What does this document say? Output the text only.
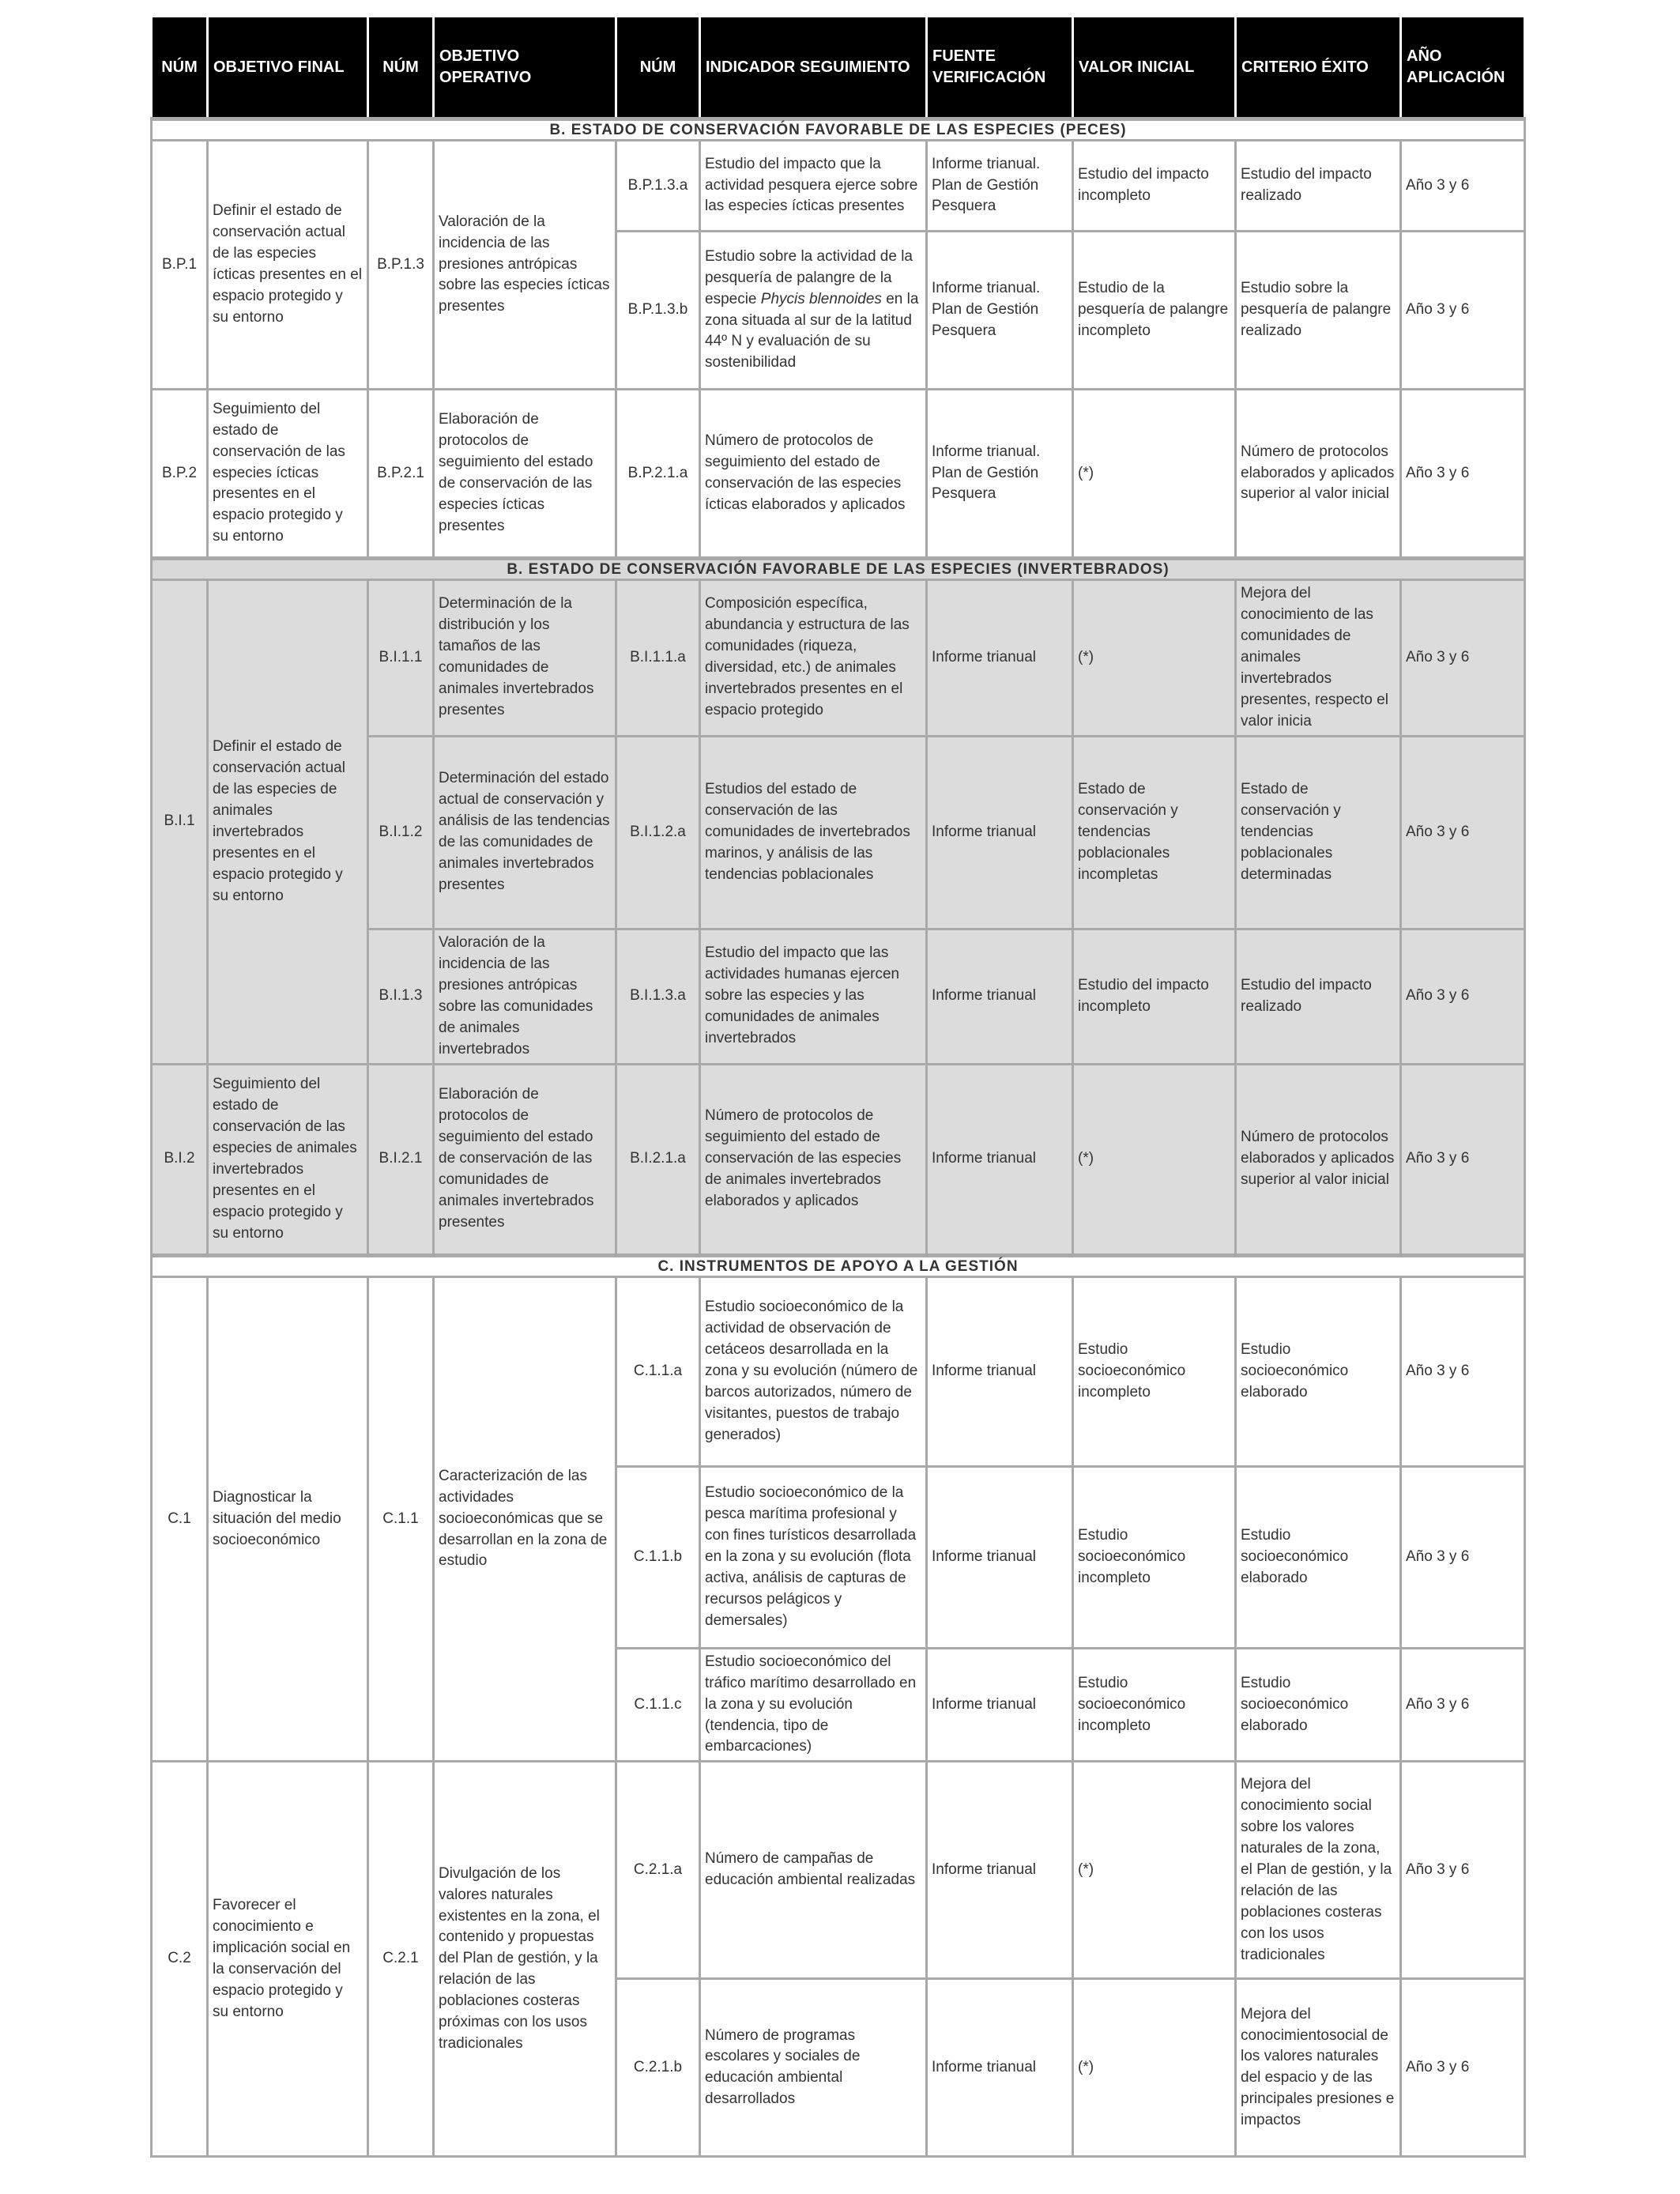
NÚM	OBJETIVO FINAL	NÚM	OBJETIVO OPERATIVO	NÚM	INDICADOR SEGUIMIENTO	FUENTE VERIFICACIÓN	VALOR INICIAL	CRITERIO ÉXITO	AÑO APLICACIÓN
B. ESTADO DE CONSERVACIÓN FAVORABLE DE LAS ESPECIES (PECES)									
B.P.1	Definir el estado de conservación actual de las especies ícticas presentes en el espacio protegido y su entorno	B.P.1.3	Valoración de la incidencia de las presiones antrópicas sobre las especies ícticas presentes	B.P.1.3.a	Estudio del impacto que la actividad pesquera ejerce sobre las especies ícticas presentes	Informe trianual. Plan de Gestión Pesquera	Estudio del impacto incompleto	Estudio del impacto realizado	Año 3 y 6
				B.P.1.3.b	Estudio sobre la actividad de la pesquería de palangre de la especie Phycis blennoides en la zona situada al sur de la latitud 44º N y evaluación de su sostenibilidad	Informe trianual. Plan de Gestión Pesquera	Estudio de la pesquería de palangre incompleto	Estudio sobre la pesquería de palangre realizado	Año 3 y 6
B.P.2	Seguimiento del estado de conservación de las especies ícticas presentes en el espacio protegido y su entorno	B.P.2.1	Elaboración de protocolos de seguimiento del estado de conservación de las especies ícticas presentes	B.P.2.1.a	Número de protocolos de seguimiento del estado de conservación de las especies ícticas elaborados y aplicados	Informe trianual. Plan de Gestión Pesquera	(*)	Número de protocolos elaborados y aplicados superior al valor inicial	Año 3 y 6
B. ESTADO DE CONSERVACIÓN FAVORABLE DE LAS ESPECIES (INVERTEBRADOS)									
B.I.1	Definir el estado de conservación actual de las especies de animales invertebrados presentes en el espacio protegido y su entorno	B.I.1.1	Determinación de la distribución y los tamaños de las comunidades de animales invertebrados presentes	B.I.1.1.a	Composición específica, abundancia y estructura de las comunidades (riqueza, diversidad, etc.) de animales invertebrados presentes en el espacio protegido	Informe trianual	(*)	Mejora del conocimiento de las comunidades de animales invertebrados presentes, respecto el valor inicia	Año 3 y 6
		B.I.1.2	Determinación del estado actual de conservación y análisis de las tendencias de las comunidades de animales invertebrados presentes	B.I.1.2.a	Estudios del estado de conservación de las comunidades de invertebrados marinos, y análisis de las tendencias poblacionales	Informe trianual	Estado de conservación y tendencias poblacionales incompletas	Estado de conservación y tendencias poblacionales determinadas	Año 3 y 6
		B.I.1.3	Valoración de la incidencia de las presiones antrópicas sobre las comunidades de animales invertebrados	B.I.1.3.a	Estudio del impacto que las actividades humanas ejercen sobre las especies y las comunidades de animales invertebrados	Informe trianual	Estudio del impacto incompleto	Estudio del impacto realizado	Año 3 y 6
B.I.2	Seguimiento del estado de conservación de las especies de animales invertebrados presentes en el espacio protegido y su entorno	B.I.2.1	Elaboración de protocolos de seguimiento del estado de conservación de las comunidades de animales invertebrados presentes	B.I.2.1.a	Número de protocolos de seguimiento del estado de conservación de las especies de animales invertebrados elaborados y aplicados	Informe trianual	(*)	Número de protocolos elaborados y aplicados superior al valor inicial	Año 3 y 6
C. INSTRUMENTOS DE APOYO A LA GESTIÓN									
C.1	Diagnosticar la situación del medio socioeconómico	C.1.1	Caracterización de las actividades socioeconómicas que se desarrollan en la zona de estudio	C.1.1.a	Estudio socioeconómico de la actividad de observación de cetáceos desarrollada en la zona y su evolución (número de barcos autorizados, número de visitantes, puestos de trabajo generados)	Informe trianual	Estudio socioeconómico incompleto	Estudio socioeconómico elaborado	Año 3 y 6
				C.1.1.b	Estudio socioeconómico de la pesca marítima profesional y con fines turísticos desarrollada en la zona y su evolución (flota activa, análisis de capturas de recursos pelágicos y demersales)	Informe trianual	Estudio socioeconómico incompleto	Estudio socioeconómico elaborado	Año 3 y 6
				C.1.1.c	Estudio socioeconómico del tráfico marítimo desarrollado en la zona y su evolución (tendencia, tipo de embarcaciones)	Informe trianual	Estudio socioeconómico incompleto	Estudio socioeconómico elaborado	Año 3 y 6
C.2	Favorecer el conocimiento e implicación social en la conservación del espacio protegido y su entorno	C.2.1	Divulgación de los valores naturales existentes en la zona, el contenido y propuestas del Plan de gestión, y la relación de las poblaciones costeras próximas con los usos tradicionales	C.2.1.a	Número de campañas de educación ambiental realizadas	Informe trianual	(*)	Mejora del conocimiento social sobre los valores naturales de la zona, el Plan de gestión, y la relación de las poblaciones costeras con los usos tradicionales	Año 3 y 6
				C.2.1.b	Número de programas escolares y sociales de educación ambiental desarrollados	Informe trianual	(*)	Mejora del conocimientosocial de los valores naturales del espacio y de las principales presiones e impactos	Año 3 y 6
